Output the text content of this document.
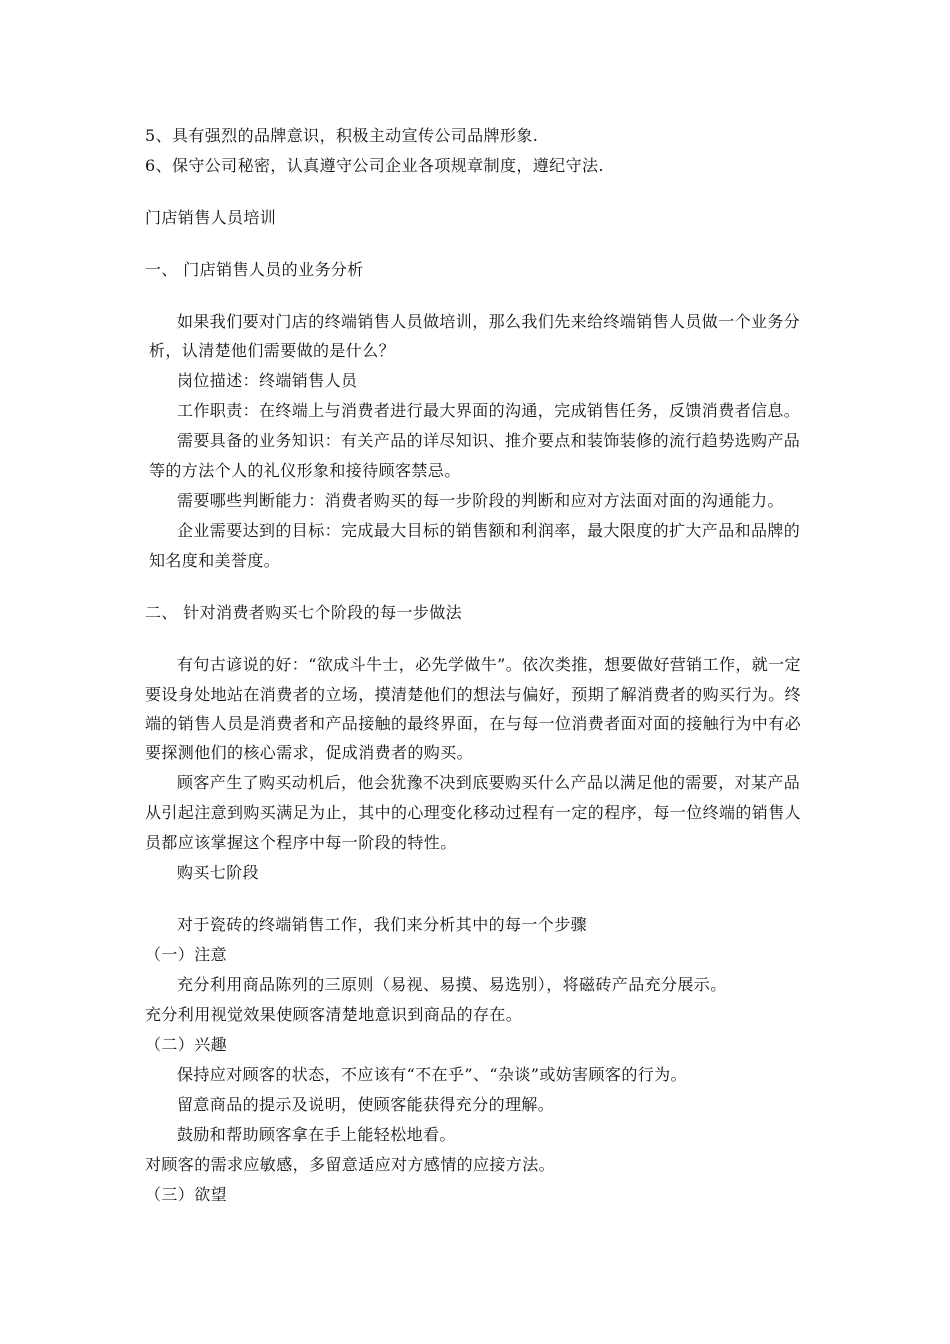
5、具有强烈的品牌意识，积极主动宣传公司品牌形象.

6、保守公司秘密，认真遵守公司企业各项规章制度，遵纪守法.

门店销售人员培训

一、 门店销售人员的业务分析

如果我们要对门店的终端销售人员做培训，那么我们先来给终端销售人员做一个业务分

析，认清楚他们需要做的是什么？

岗位描述：终端销售人员

工作职责：在终端上与消费者进行最大界面的沟通，完成销售任务，反馈消费者信息。

需要具备的业务知识：有关产品的详尽知识、推介要点和装饰装修的流行趋势选购产品

等的方法个人的礼仪形象和接待顾客禁忌。

需要哪些判断能力：消费者购买的每一步阶段的判断和应对方法面对面的沟通能力。

企业需要达到的目标：完成最大目标的销售额和利润率，最大限度的扩大产品和品牌的

知名度和美誉度。

二、 针对消费者购买七个阶段的每一步做法

有句古谚说的好：“欲成斗牛士，必先学做牛”。依次类推，想要做好营销工作，就一定

要设身处地站在消费者的立场，摸清楚他们的想法与偏好，预期了解消费者的购买行为。终

端的销售人员是消费者和产品接触的最终界面，在与每一位消费者面对面的接触行为中有必

要探测他们的核心需求，促成消费者的购买。

顾客产生了购买动机后，他会犹豫不决到底要购买什么产品以满足他的需要，对某产品

从引起注意到购买满足为止，其中的心理变化移动过程有一定的程序，每一位终端的销售人

员都应该掌握这个程序中每一阶段的特性。

购买七阶段

对于瓷砖的终端销售工作，我们来分析其中的每一个步骤

（一）注意

充分利用商品陈列的三原则（易视、易摸、易选别），将磁砖产品充分展示。

充分利用视觉效果使顾客清楚地意识到商品的存在。

（二）兴趣

保持应对顾客的状态，不应该有“不在乎”、“杂谈”或妨害顾客的行为。

留意商品的提示及说明，使顾客能获得充分的理解。

鼓励和帮助顾客拿在手上能轻松地看。

对顾客的需求应敏感，多留意适应对方感情的应接方法。

（三）欲望
